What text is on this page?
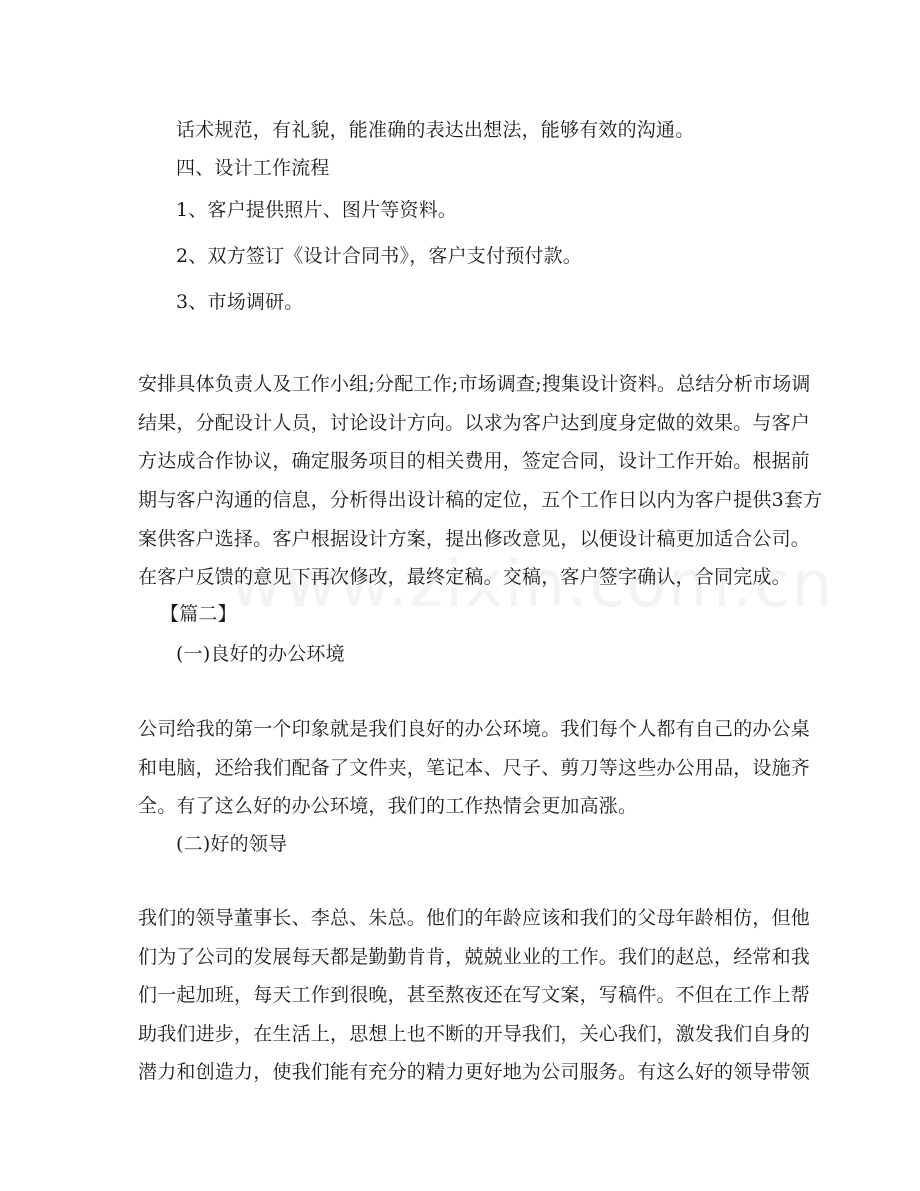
话术规范，有礼貌，能准确的表达出想法，能够有效的沟通。
四、设计工作流程
1、客户提供照片、图片等资料。
2、双方签订《设计合同书》，客户支付预付款。
3、市场调研。
安排具体负责人及工作小组;分配工作;市场调查;搜集设计资料。总结分析市场调
结果，分配设计人员，讨论设计方向。以求为客户达到度身定做的效果。与客户
方达成合作协议，确定服务项目的相关费用，签定合同，设计工作开始。根据前
期与客户沟通的信息，分析得出设计稿的定位，五个工作日以内为客户提供3套方
案供客户选择。客户根据设计方案，提出修改意见，以便设计稿更加适合公司。
在客户反馈的意见下再次修改，最终定稿。交稿，客户签字确认，合同完成。
【篇二】
(一)良好的办公环境
公司给我的第一个印象就是我们良好的办公环境。我们每个人都有自己的办公桌
和电脑，还给我们配备了文件夹，笔记本、尺子、剪刀等这些办公用品，设施齐
全。有了这么好的办公环境，我们的工作热情会更加高涨。
(二)好的领导
我们的领导董事长、李总、朱总。他们的年龄应该和我们的父母年龄相仿，但他
们为了公司的发展每天都是勤勤肯肯，兢兢业业的工作。我们的赵总，经常和我
们一起加班，每天工作到很晚，甚至熬夜还在写文案，写稿件。不但在工作上帮
助我们进步，在生活上，思想上也不断的开导我们，关心我们，激发我们自身的
潜力和创造力，使我们能有充分的精力更好地为公司服务。有这么好的领导带领
